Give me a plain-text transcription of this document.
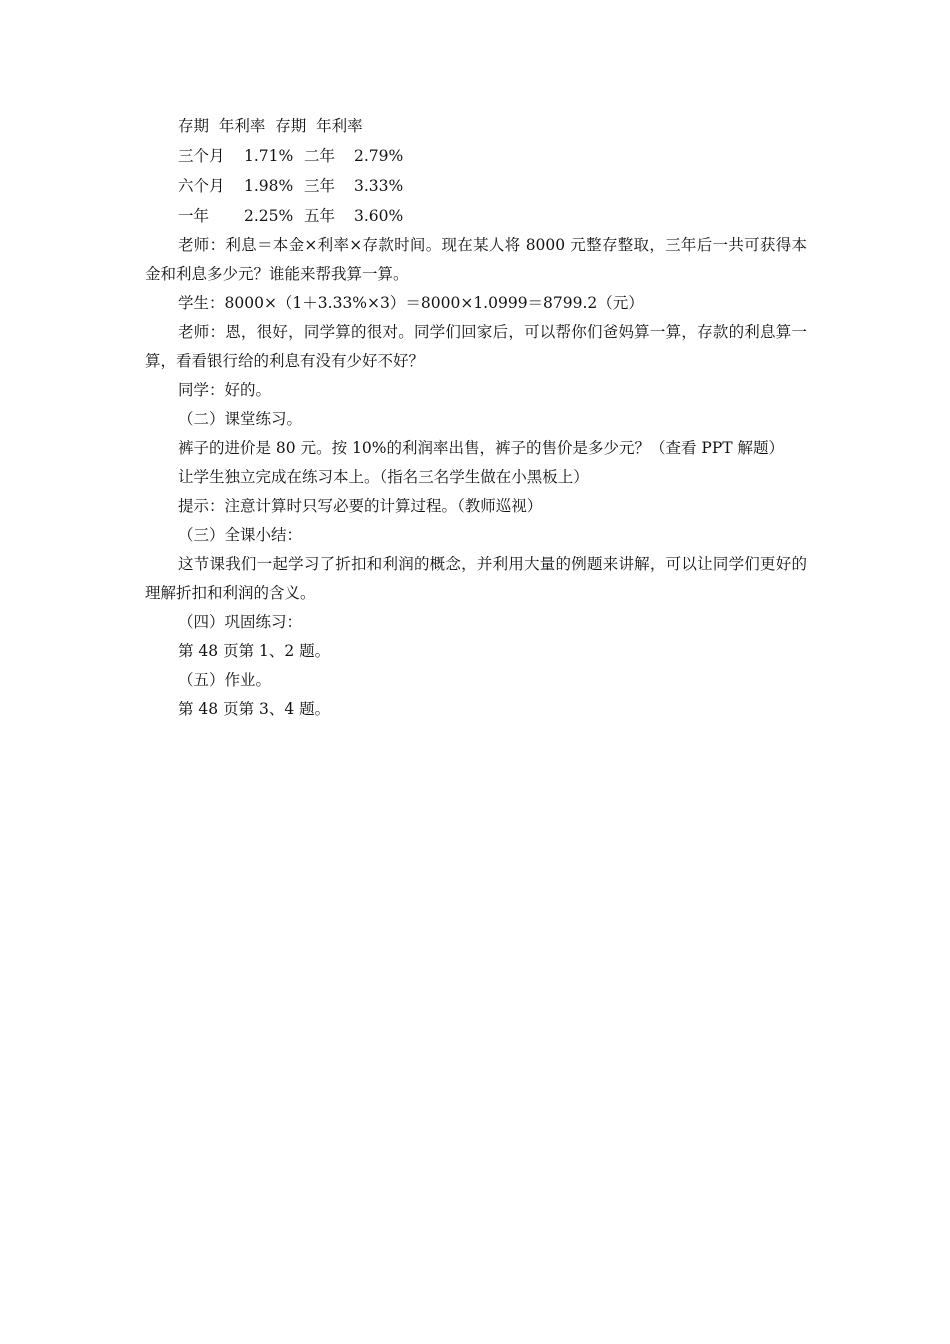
存期  年利率  存期  年利率

三个月	1.71% 二年	2.79%
六个月	1.98% 三年	3.33%
一年	2.25% 五年	3.60%

老师：利息＝本金×利率×存款时间。现在某人将 8000 元整存整取，三年后一共可获得本金和利息多少元？谁能来帮我算一算。

学生：8000×（1＋3.33%×3）＝8000×1.0999＝8799.2（元）

老师：恩，很好，同学算的很对。同学们回家后，可以帮你们爸妈算一算，存款的利息算一算，看看银行给的利息有没有少好不好？

同学：好的。

（二）课堂练习。

裤子的进价是 80 元。按 10%的利润率出售，裤子的售价是多少元？（查看 PPT 解题）

让学生独立完成在练习本上。（指名三名学生做在小黑板上）

提示：注意计算时只写必要的计算过程。（教师巡视）

（三）全课小结：

这节课我们一起学习了折扣和利润的概念，并利用大量的例题来讲解，可以让同学们更好的理解折扣和利润的含义。

（四）巩固练习：

第 48 页第 1、2 题。

（五）作业。

第 48 页第 3、4 题。
